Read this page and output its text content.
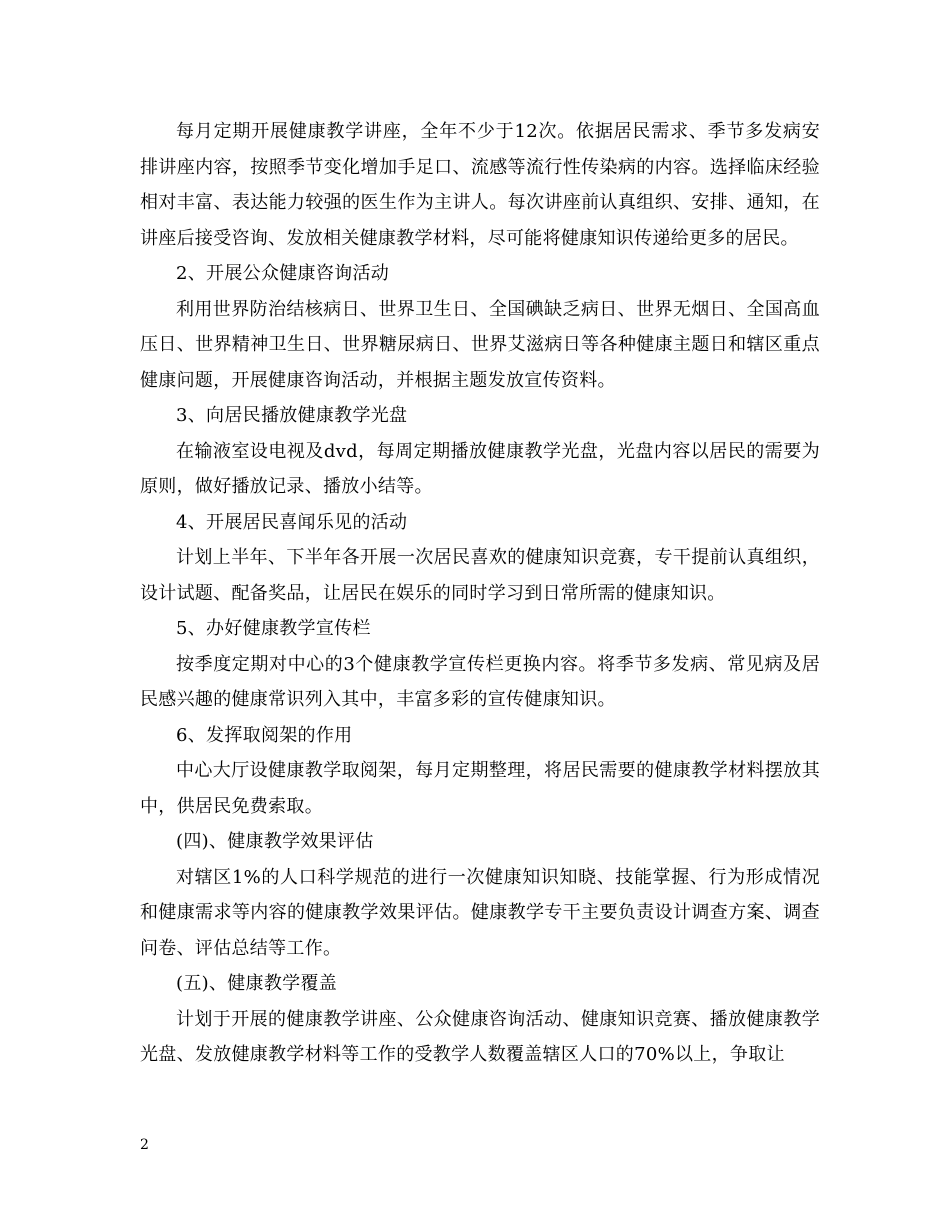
每月定期开展健康教学讲座，全年不少于12次。依据居民需求、季节多发病安排讲座内容，按照季节变化增加手足口、流感等流行性传染病的内容。选择临床经验相对丰富、表达能力较强的医生作为主讲人。每次讲座前认真组织、安排、通知，在讲座后接受咨询、发放相关健康教学材料，尽可能将健康知识传递给更多的居民。

2、开展公众健康咨询活动

利用世界防治结核病日、世界卫生日、全国碘缺乏病日、世界无烟日、全国高血压日、世界精神卫生日、世界糖尿病日、世界艾滋病日等各种健康主题日和辖区重点健康问题，开展健康咨询活动，并根据主题发放宣传资料。

3、向居民播放健康教学光盘

在输液室设电视及dvd，每周定期播放健康教学光盘，光盘内容以居民的需要为原则，做好播放记录、播放小结等。

4、开展居民喜闻乐见的活动

计划上半年、下半年各开展一次居民喜欢的健康知识竞赛，专干提前认真组织，设计试题、配备奖品，让居民在娱乐的同时学习到日常所需的健康知识。

5、办好健康教学宣传栏

按季度定期对中心的3个健康教学宣传栏更换内容。将季节多发病、常见病及居民感兴趣的健康常识列入其中，丰富多彩的宣传健康知识。

6、发挥取阅架的作用

中心大厅设健康教学取阅架，每月定期整理，将居民需要的健康教学材料摆放其中，供居民免费索取。

(四)、健康教学效果评估

对辖区1%的人口科学规范的进行一次健康知识知晓、技能掌握、行为形成情况和健康需求等内容的健康教学效果评估。健康教学专干主要负责设计调查方案、调查问卷、评估总结等工作。

(五)、健康教学覆盖

计划于开展的健康教学讲座、公众健康咨询活动、健康知识竞赛、播放健康教学光盘、发放健康教学材料等工作的受教学人数覆盖辖区人口的70%以上，争取让

2
